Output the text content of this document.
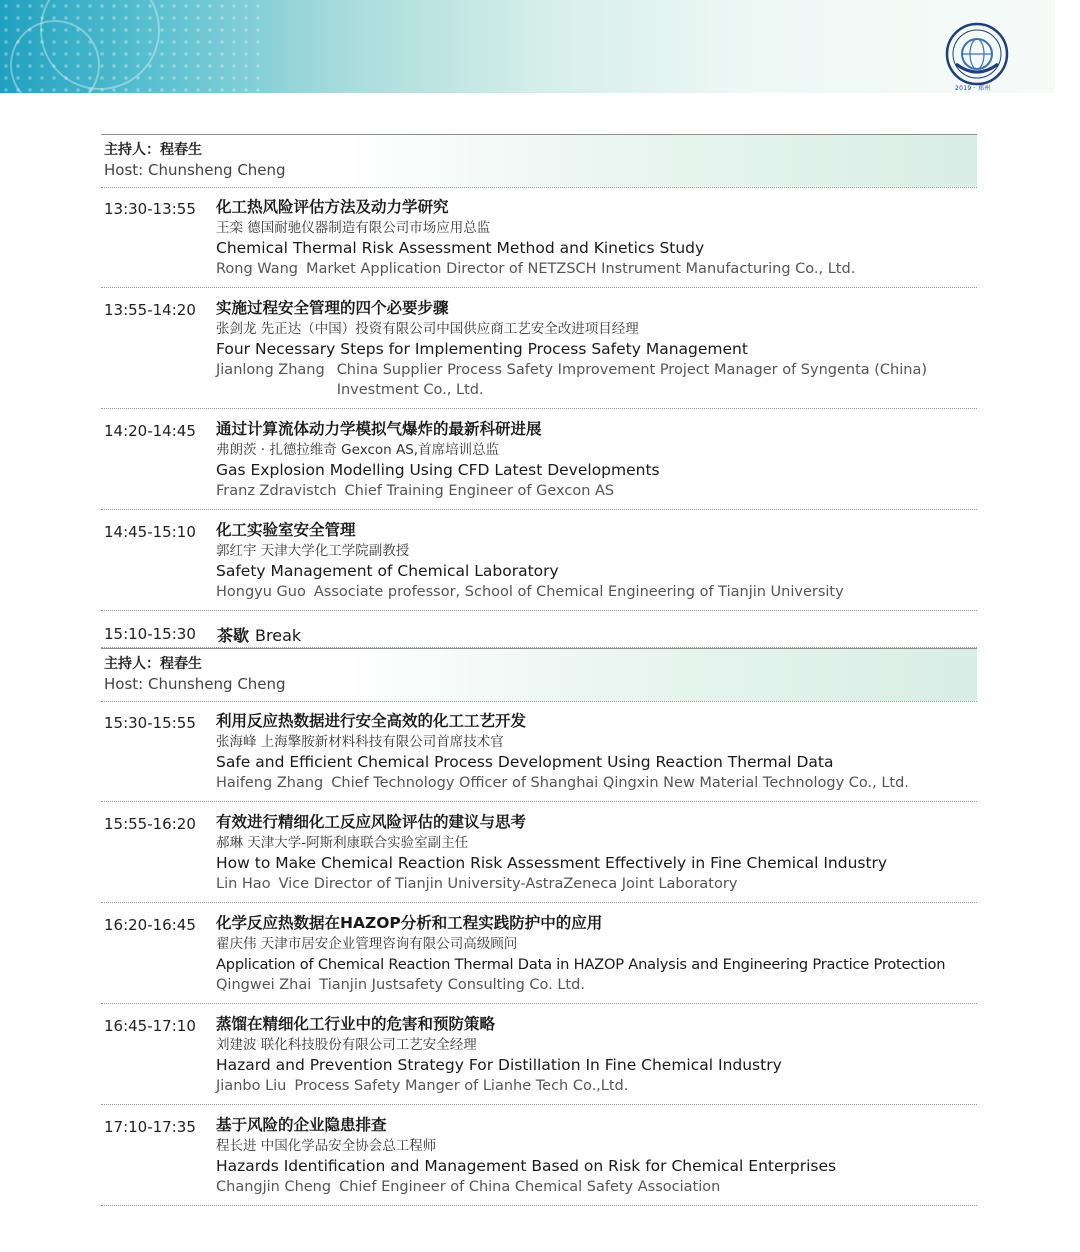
2019 · 郑州
主持人：程春生
Host: Chunsheng Cheng
13:30-13:55 化工热风险评估方法及动力学研究
王栾 德国耐驰仪器制造有限公司市场应用总监
Chemical Thermal Risk Assessment Method and Kinetics Study
Rong Wang Market Application Director of NETZSCH Instrument Manufacturing Co., Ltd.
13:55-14:20 实施过程安全管理的四个必要步骤
张剑龙 先正达（中国）投资有限公司中国供应商工艺安全改进项目经理
Four Necessary Steps for Implementing Process Safety Management
Jianlong Zhang China Supplier Process Safety Improvement Project Manager of Syngenta (China) Investment Co., Ltd.
14:20-14:45 通过计算流体动力学模拟气爆炸的最新科研进展
弗朗茨 · 扎德拉维奇 Gexcon AS,首席培训总监
Gas Explosion Modelling Using CFD Latest Developments
Franz Zdravistch Chief Training Engineer of Gexcon AS
14:45-15:10 化工实验室安全管理
郭红宇 天津大学化工学院副教授
Safety Management of Chemical Laboratory
Hongyu Guo Associate professor, School of Chemical Engineering of Tianjin University
15:10-15:30 茶歇 Break
主持人：程春生
Host: Chunsheng Cheng
15:30-15:55 利用反应热数据进行安全高效的化工工艺开发
张海峰 上海擎胺新材料科技有限公司首席技术官
Safe and Efficient Chemical Process Development Using Reaction Thermal Data
Haifeng Zhang Chief Technology Officer of Shanghai Qingxin New Material Technology Co., Ltd.
15:55-16:20 有效进行精细化工反应风险评估的建议与思考
郝琳 天津大学-阿斯利康联合实验室副主任
How to Make Chemical Reaction Risk Assessment Effectively in Fine Chemical Industry
Lin Hao Vice Director of Tianjin University-AstraZeneca Joint Laboratory
16:20-16:45 化学反应热数据在HAZOP分析和工程实践防护中的应用
翟庆伟 天津市居安企业管理咨询有限公司高级顾问
Application of Chemical Reaction Thermal Data in HAZOP Analysis and Engineering Practice Protection
Qingwei Zhai Tianjin Justsafety Consulting Co. Ltd.
16:45-17:10 蒸馏在精细化工行业中的危害和预防策略
刘建波 联化科技股份有限公司工艺安全经理
Hazard and Prevention Strategy For Distillation In Fine Chemical Industry
Jianbo Liu Process Safety Manger of Lianhe Tech Co.,Ltd.
17:10-17:35 基于风险的企业隐患排查
程长进 中国化学品安全协会总工程师
Hazards Identification and Management Based on Risk for Chemical Enterprises
Changjin Cheng Chief Engineer of China Chemical Safety Association
